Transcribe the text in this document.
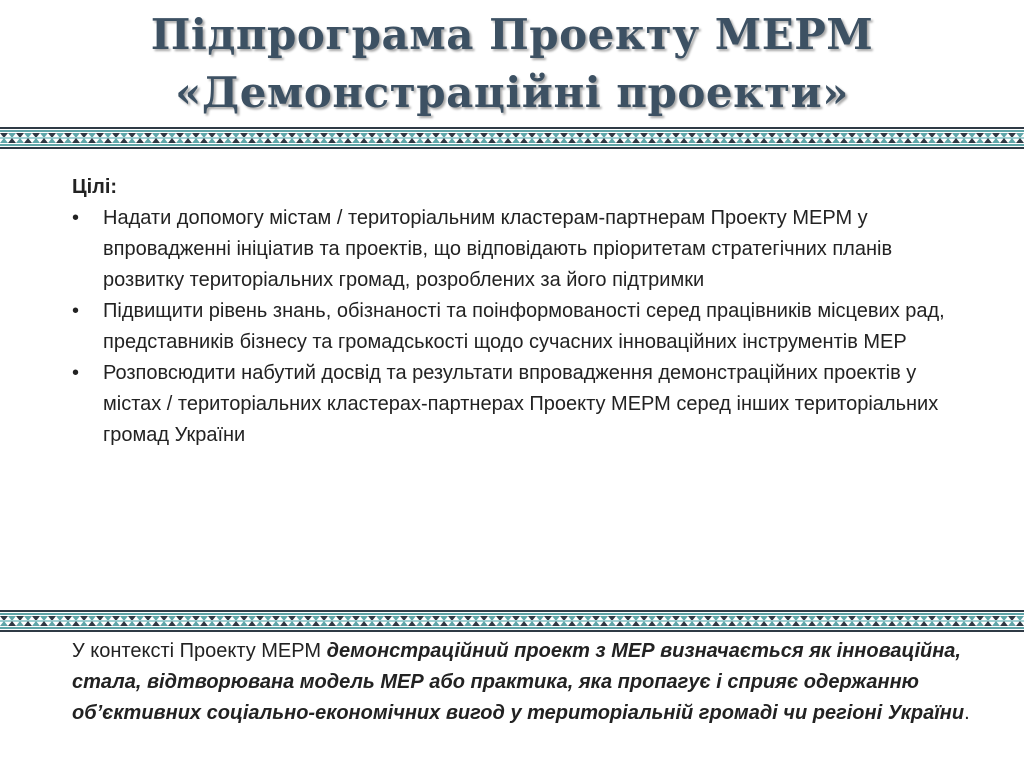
Підпрограма Проекту МЕРМ
«Демонстраційні проекти»

Цілі:

• Надати допомогу містам / територіальним кластерам-партнерам Проекту МЕРМ у впровадженні ініціатив та проектів, що відповідають пріоритетам стратегічних планів розвитку територіальних громад, розроблених за його підтримки
• Підвищити рівень знань, обізнаності та поінформованості серед працівників місцевих рад, представників бізнесу та громадськості щодо сучасних інноваційних інструментів МЕР
• Розповсюдити набутий досвід та результати впровадження демонстраційних проектів у містах / територіальних кластерах-партнерах Проекту МЕРМ серед інших територіальних громад України
У контексті Проекту МЕРМ демонстраційний проект з МЕР визначається як інноваційна, стала, відтворювана модель МЕР або практика, яка пропагує і сприяє одержанню об’єктивних соціально-економічних вигод у територіальній громаді чи регіоні України.
